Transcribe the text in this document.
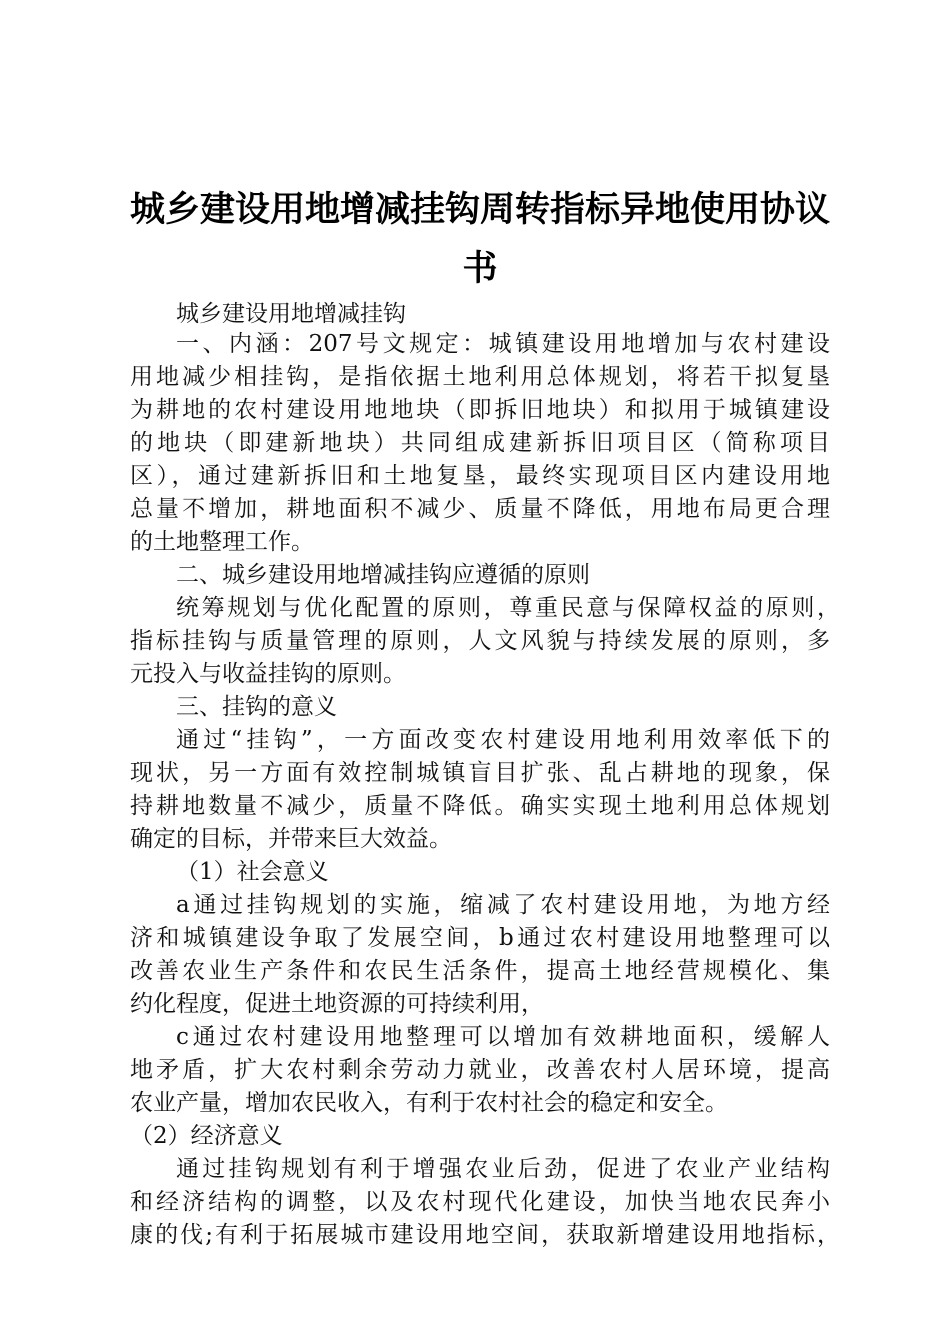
城乡建设用地增减挂钩周转指标异地使用协议
书
城乡建设用地增减挂钩
一、内涵：207号文规定：城镇建设用地增加与农村建设
用地减少相挂钩，是指依据土地利用总体规划，将若干拟复垦
为耕地的农村建设用地地块（即拆旧地块）和拟用于城镇建设
的地块（即建新地块）共同组成建新拆旧项目区（简称项目
区），通过建新拆旧和土地复垦，最终实现项目区内建设用地
总量不增加，耕地面积不减少、质量不降低，用地布局更合理
的土地整理工作。
二、城乡建设用地增减挂钩应遵循的原则
统筹规划与优化配置的原则，尊重民意与保障权益的原则，
指标挂钩与质量管理的原则，人文风貌与持续发展的原则，多
元投入与收益挂钩的原则。
三、挂钩的意义
通过“挂钩”，一方面改变农村建设用地利用效率低下的
现状，另一方面有效控制城镇盲目扩张、乱占耕地的现象，保
持耕地数量不减少，质量不降低。确实实现土地利用总体规划
确定的目标，并带来巨大效益。
（1）社会意义
a通过挂钩规划的实施，缩减了农村建设用地，为地方经
济和城镇建设争取了发展空间，b通过农村建设用地整理可以
改善农业生产条件和农民生活条件，提高土地经营规模化、集
约化程度，促进土地资源的可持续利用，
c通过农村建设用地整理可以增加有效耕地面积，缓解人
地矛盾，扩大农村剩余劳动力就业，改善农村人居环境，提高
农业产量，增加农民收入，有利于农村社会的稳定和安全。
（2）经济意义
通过挂钩规划有利于增强农业后劲，促进了农业产业结构
和经济结构的调整，以及农村现代化建设，加快当地农民奔小
康的伐;有利于拓展城市建设用地空间，获取新增建设用地指标，
